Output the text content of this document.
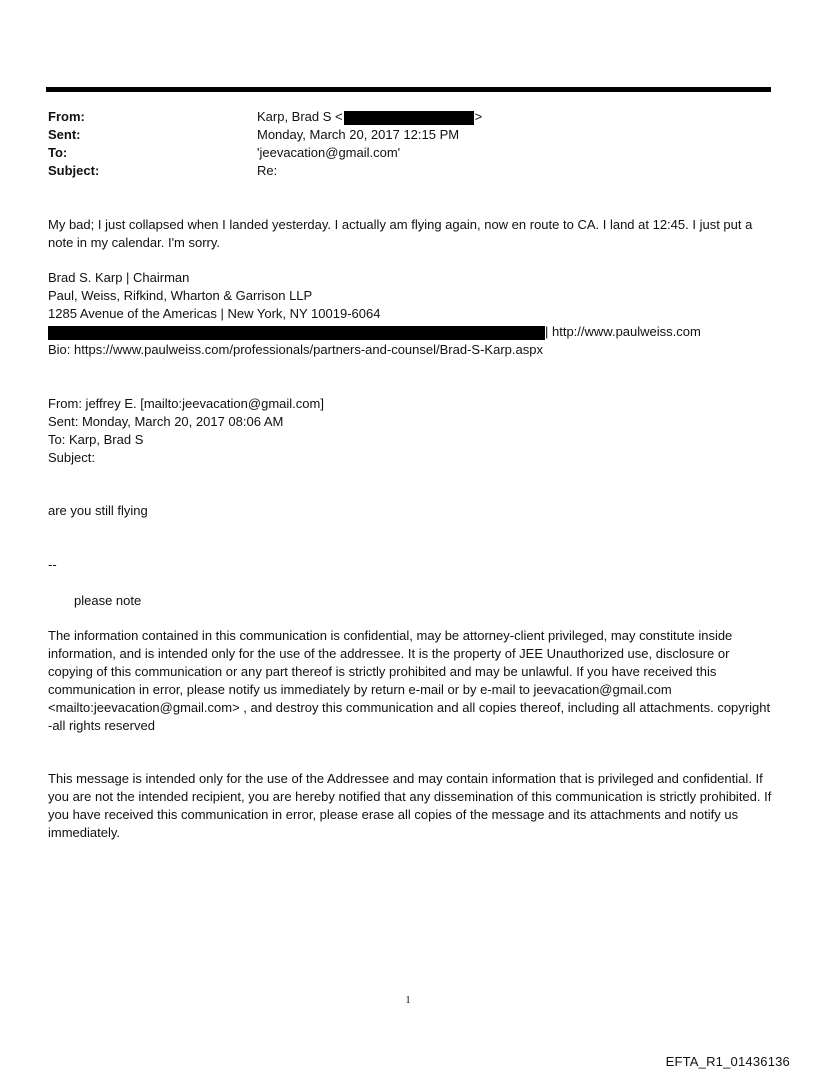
From:	Karp, Brad S <	>
Sent:	Monday, March 20, 2017 12:15 PM
To:	'jeevacation@gmail.com'
Subject:	Re:

My bad; I just collapsed when I landed yesterday. I actually am flying again, now en route to CA. I land at 12:45. I just put a note in my calendar. I'm sorry.

Brad S. Karp | Chairman
Paul, Weiss, Rifkind, Wharton & Garrison LLP
1285 Avenue of the Americas | New York, NY 10019-6064
| http://www.paulweiss.com
Bio: https://www.paulweiss.com/professionals/partners-and-counsel/Brad-S-Karp.aspx
From: jeffrey E. [mailto:jeevacation@gmail.com]
Sent: Monday, March 20, 2017 08:06 AM
To: Karp, Brad S
Subject:
are you still flying
--
please note

The information contained in this communication is confidential, may be attorney-client privileged, may constitute inside information, and is intended only for the use of the addressee. It is the property of JEE Unauthorized use, disclosure or copying of this communication or any part thereof is strictly prohibited and may be unlawful. If you have received this communication in error, please notify us immediately by return e-mail or by e-mail to jeevacation@gmail.com <mailto:jeevacation@gmail.com> , and destroy this communication and all copies thereof, including all attachments. copyright -all rights reserved

This message is intended only for the use of the Addressee and may contain information that is privileged and confidential. If you are not the intended recipient, you are hereby notified that any dissemination of this communication is strictly prohibited. If you have received this communication in error, please erase all copies of the message and its attachments and notify us immediately.

1
EFTA_R1_01436136
